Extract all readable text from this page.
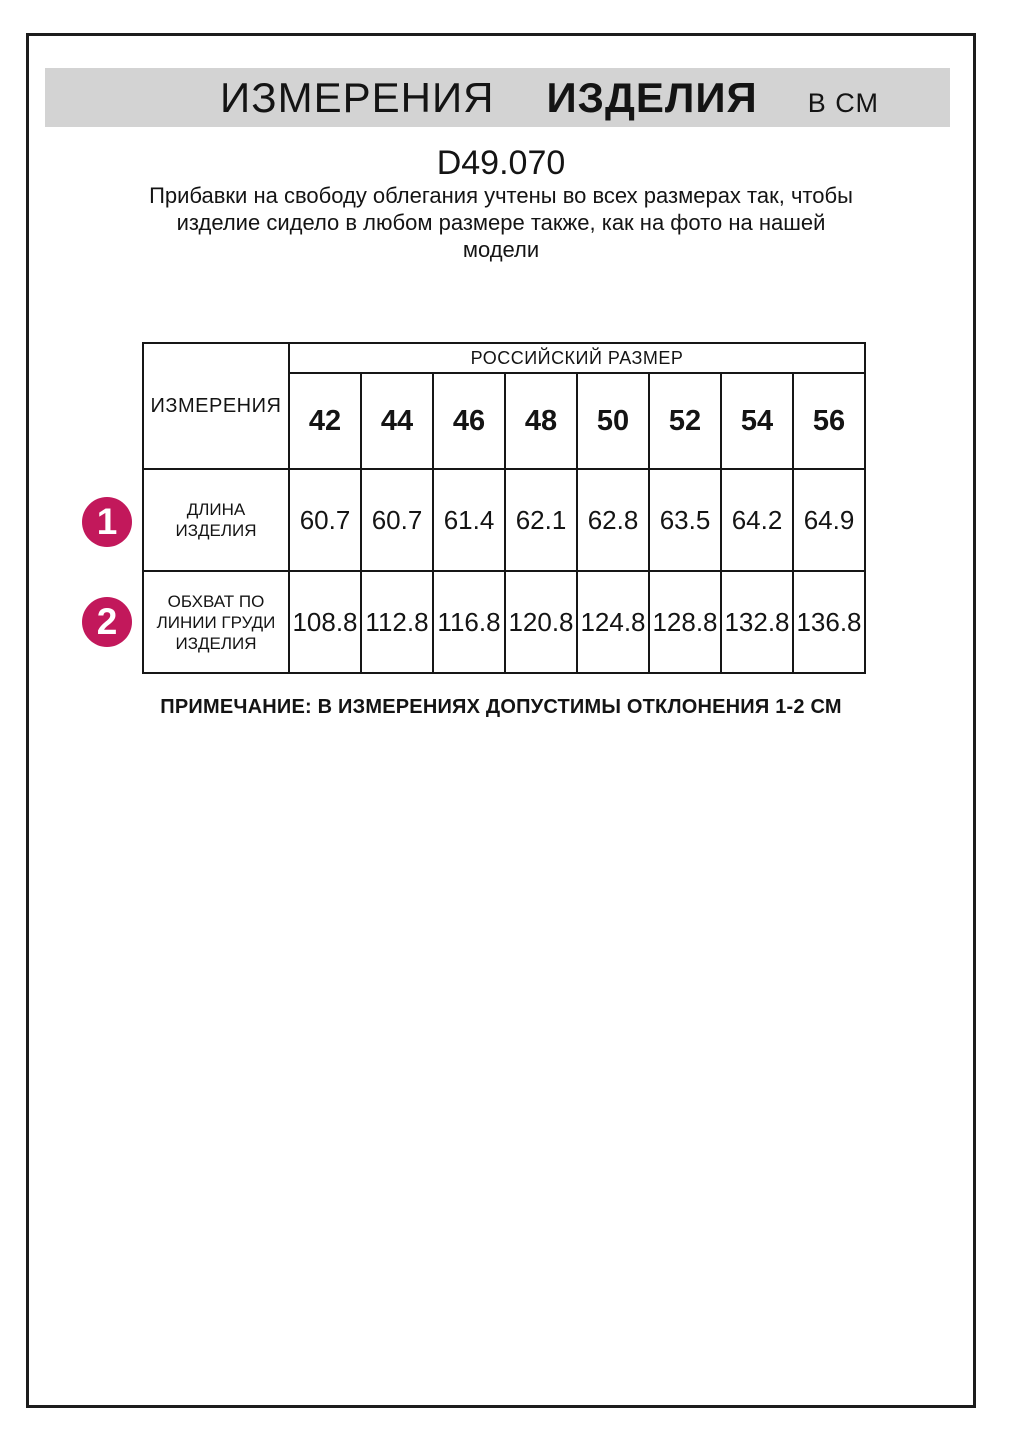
ИЗМЕРЕНИЯ ИЗДЕЛИЯ В СМ
D49.070
Прибавки на свободу облегания учтены во всех размерах так, чтобы
изделие сидело в любом размере также, как на фото на нашей
модели
ИЗМЕРЕНИЯ	РОССИЙСКИЙ РАЗМЕР							
	42	44	46	48	50	52	54	56
ДЛИНА ИЗДЕЛИЯ	60.7	60.7	61.4	62.1	62.8	63.5	64.2	64.9
ОБХВАТ ПО ЛИНИИ ГРУДИ ИЗДЕЛИЯ	108.8	112.8	116.8	120.8	124.8	128.8	132.8	136.8
1
2
ПРИМЕЧАНИЕ: В ИЗМЕРЕНИЯХ ДОПУСТИМЫ ОТКЛОНЕНИЯ 1-2 СМ
